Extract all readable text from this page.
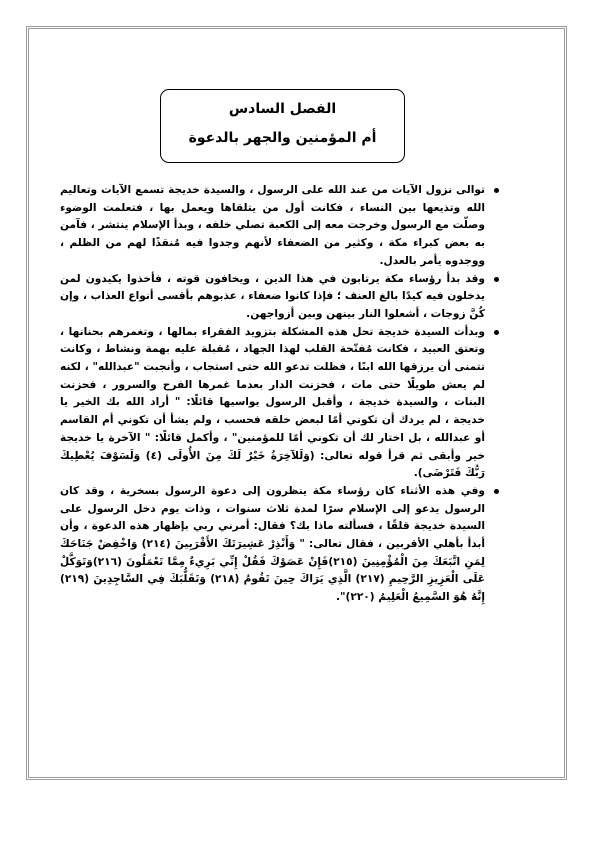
الفصل السادس
أم المؤمنين والجهر بالدعوة
توالى نزول الآيات من عند الله على الرسول ، والسيدة خديجة تسمع الآيات وتعاليم الله وتذيعها بين النساء ، فكانت أول من يتلقاها ويعمل بها ، فتعلمت الوضوء وصلّت مع الرسول وخرجت معه إلى الكعبة تصلي خلفه ، وبدأ الإسلام ينتشر ، فآمن به بعض كبراء مكة ، وكثير من الضعفاء لأنهم وجدوا فيه مُنقذًا لهم من الظلم ، ووجدوه يأمر بالعدل.
وقد بدأ رؤساء مكة يرتابون في هذا الدين ، ويخافون قوته ، فأخذوا يكيدون لمن يدخلون فيه كيدًا بالغ العنف ؛ فإذا كانوا ضعفاء ، عذبوهم بأقسى أنواع العذاب ، وإن كُنَّ زوجات ، أشعلوا النار بينهن وبين أزواجهن.
وبدأت السيدة خديجة تحل هذه المشكلة بتزويد الفقراء بمالها ، وتغمرهم بحنانها ، وتعتق العبيد ، فكانت مُفتّحة القلب لهذا الجهاد ، مُقبلة عليه بهمة ونشاط ، وكانت تتمنى أن يرزقها الله ابنًا ، فظلت تدعو الله حتى استجاب ، وأنجبت "عبدالله" ، لكنه لم يعش طويلًا حتى مات ، فحزنت الدار بعدما غمرها الفرح والسرور ، فحزنت البنات ، والسيدة خديجة ، وأقبل الرسول يواسيها قائلًا: " أراد الله بك الخير يا خديجة ، لم يردك أن تكوني أمًا لبعض خلقه فحسب ، ولم يشأ أن تكوني أم القاسم أو عبدالله ، بل اختار لك أن تكوني أمًا للمؤمنين" ، وأكمل قائلًا: " الآخرة يا خديجة خير وأبقى ثم قرأ قوله تعالى: (وَلَلآخِرَةُ خَيْرٌ لَكَ مِنَ الأُولَى (٤) وَلَسَوْفَ يُعْطِيكَ رَبُّكَ فَتَرْضَى).
وفي هذه الأثناء كان رؤساء مكة ينظرون إلى دعوة الرسول بسخرية ، وقد كان الرسول يدعو إلى الإسلام سرًا لمدة ثلاث سنوات ، وذات يوم دخل الرسول على السيدة خديجة قلقًا ، فسألته ماذا بك؟ فقال: أمرني ربي بإظهار هذه الدعوة ، وأن أبدأ بأهلي الأقربين ، فقال تعالى: " وَأَنْذِرْ عَشِيرَتَكَ الأَقْرَبِينَ (٢١٤) وَاخْفِضْ جَنَاحَكَ لِمَنِ اتَّبَعَكَ مِنَ الْمُؤْمِنِينَ (٢١٥)فَإِنْ عَصَوْكَ فَقُلْ إِنِّي بَرِيءٌ مِمَّا تَعْمَلُونَ (٢١٦)وَتَوَكَّلْ عَلَى الْعَزِيزِ الرَّحِيمِ (٢١٧) الَّذِي يَرَاكَ حِينَ تَقُومُ (٢١٨) وَتَقَلُّبَكَ فِي السَّاجِدِينَ (٢١٩) إِنَّهُ هُوَ السَّمِيعُ الْعَلِيمُ (٢٢٠)".
